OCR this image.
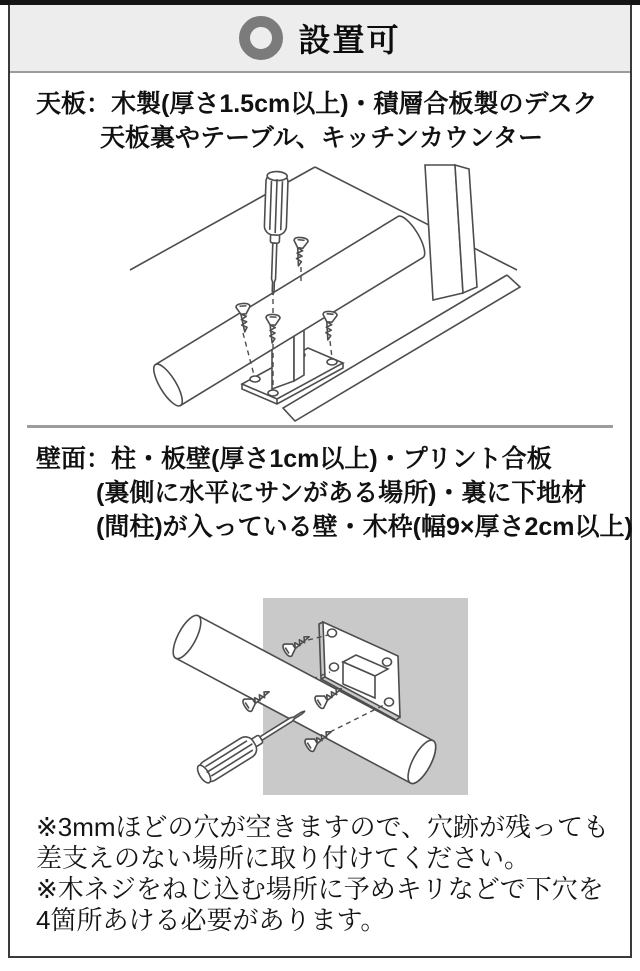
設置可
天板：木製(厚さ1.5cm以上)・積層合板製のデスク
天板裏やテーブル、キッチンカウンター
壁面：柱・板壁(厚さ1cm以上)・プリント合板
(裏側に水平にサンがある場所)・裏に下地材
(間柱)が入っている壁・木枠(幅9×厚さ2cm以上)

※3mmほどの穴が空きますので、穴跡が残っても差支えのない場所に取り付けてください。

※木ネジをねじ込む場所に予めキリなどで下穴を4箇所あける必要があります。
